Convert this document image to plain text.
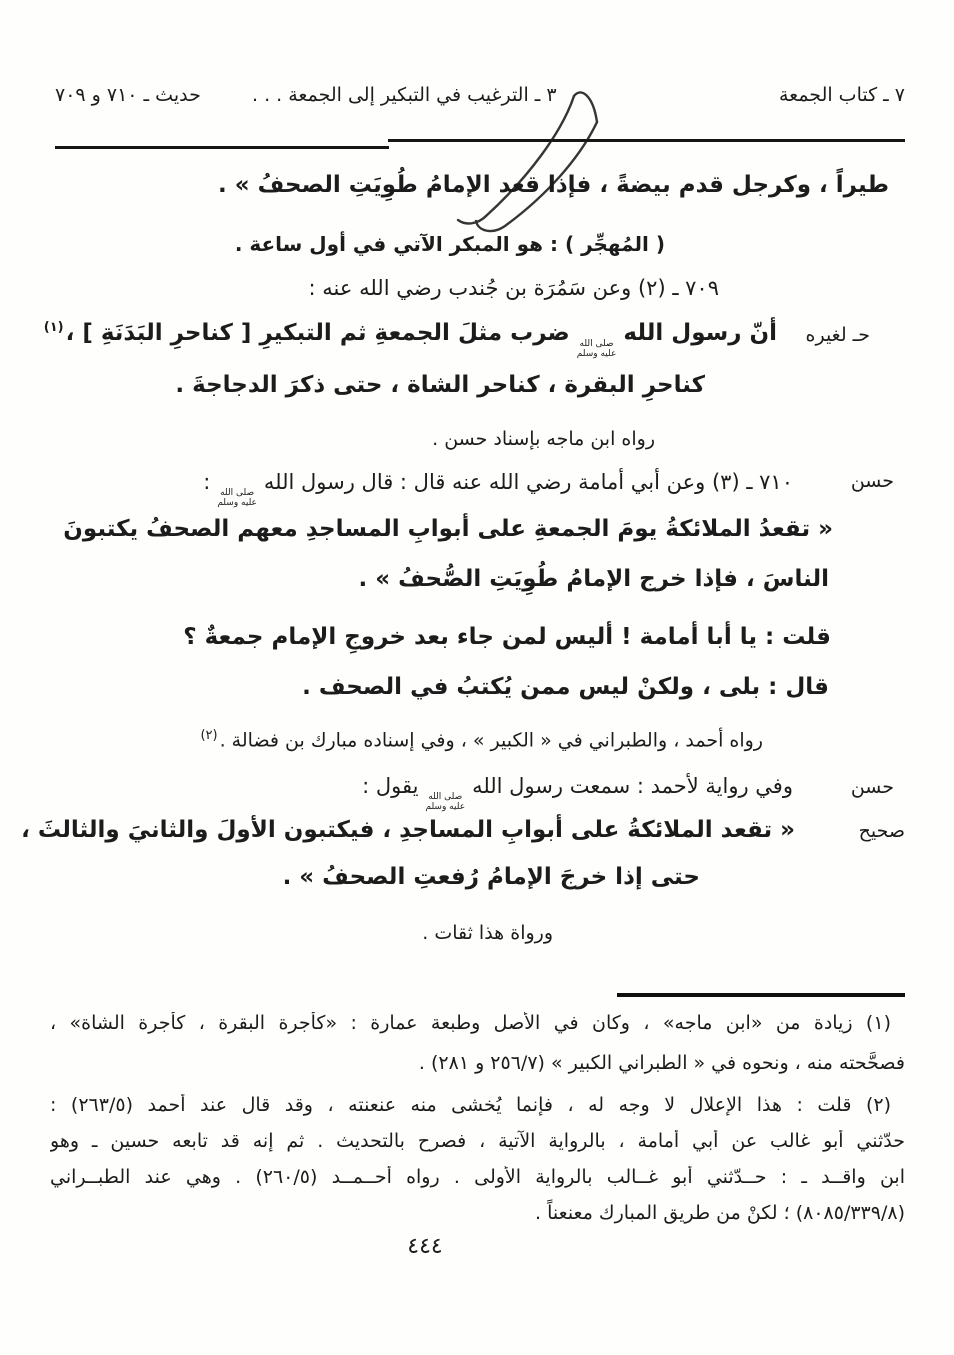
٧ ـ كتاب الجمعة
٣ ـ الترغيب في التبكير إلى الجمعة . . .
حديث ـ ٧١٠ و ٧٠٩
حـ لغيره
حسن
حسن
صحيح
طيراً ، وكرجل قدم بيضةً ، فإذا قعد الإمامُ طُوِيَتِ الصحفُ » .
( المُهجِّر ) : هو المبكر الآتي في أول ساعة .
٧٠٩ ـ (٢) وعن سَمُرَة بن جُندب رضي الله عنه :
أنّ رسول الله
صلى الله
عليه وسلم
ضرب مثلَ الجمعةِ ثم التبكيرِ [ كناحرِ البَدَنَةِ ] ،$^{(١)}$
كناحرِ البقرة ، كناحر الشاة ، حتى ذكرَ الدجاجةَ .
رواه ابن ماجه بإسناد حسن .
٧١٠ ـ (٣) وعن أبي أمامة رضي الله عنه قال : قال رسول الله
صلى الله
عليه وسلم
:
« تقعدُ الملائكةُ يومَ الجمعةِ على أبوابِ المساجدِ معهم الصحفُ يكتبونَ
الناسَ ، فإذا خرج الإمامُ طُوِيَتِ الصُّحفُ » .
قلت : يا أبا أمامة ! أليس لمن جاء بعد خروجِ الإمام جمعةٌ ؟
قال : بلى ، ولكنْ ليس ممن يُكتبُ في الصحف .
رواه أحمد ، والطبراني في « الكبير » ، وفي إسناده مبارك بن فضالة .$^{(٢)}$
وفي رواية لأحمد : سمعت رسول الله
صلى الله
عليه وسلم
يقول :
« تقعد الملائكةُ على أبوابِ المساجدِ ، فيكتبون الأولَ والثانيَ والثالثَ ،
حتى إذا خرجَ الإمامُ رُفعتِ الصحفُ » .
ورواة هذا ثقات .
(١) زيادة من «ابن ماجه» ، وكان في الأصل وطبعة عمارة : «كأجرة البقرة ، كأجرة الشاة» ،
فصحَّحته منه ، ونحوه في « الطبراني الكبير » (٢٥٦/٧ و ٢٨١) .
(٢) قلت : هذا الإعلال لا وجه له ، فإنما يُخشى منه عنعنته ، وقد قال عند أحمد (٢٦٣/٥) :
حدّثني أبو غالب عن أبي أمامة ، بالرواية الآتية ، فصرح بالتحديث . ثم إنه قد تابعه حسين ـ وهو
ابن واقــد ـ : حــدّثني أبو غــالب بالرواية الأولى . رواه أحــمــد (٢٦٠/٥) . وهي عند الطبــراني
(٨٠٨٥/٣٣٩/٨) ؛ لكنْ من طريق المبارك معنعناً .
٤٤٤
